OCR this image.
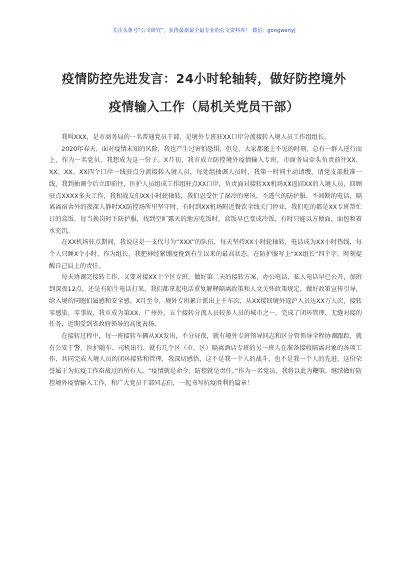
关注头条号“公文研究”，获得最新最全最专业的公文资料库！ 微信：gongwenyj
疫情防控先进发言：24小时轮轴转，做好防控境外
疫情输入工作（局机关党员干部）

我叫XXX，是市商务局的一名普通党员干部，是境外专班驻XX口岸分流接转入境人员工作组组长。

2020年春天，面对疫情未知的风险，我也产生过害怕恐惧，但是，大家都谨上不见的时刻，总有一群人逆行而上，作为一名党员，我想成为这一份子。X月初，我市成立防控境外疫情输入专班，市商务局牵头负责前往XX、XX、XX、XX四个口岸一线驻点分流接转入境人员，每处组抽调人员时，我第一时间主动请缨，请党支部批准一线，我到抽调令后立即前往，医护人员组成工作组驻点XX口岸，负责面对接转XX机场XX返回XX的入境人员，回顾驻点XXXX多天工作，我和战友们XX小时轮轴转，我们忍受住了湿冷的寒风、不透气的防护服、不间断的电话，隔离离宿舍外的夜深人静时XX防控场所里坚守时，有时到XX机场附近餐饮全线关门停业，我们吃的都是XX专班帮忙订的盒饭，每当换岗时下防护服，找到空旷露天的地方吃饭时，盒饭早已变成冷饭，有时只能以方便面、面包和着水充饥。

在XX机场驻点期间，我说这是一支代号为“XXX”的队伍，每天坚持XX小时轮轴转，电话成为XX小时热线，每个人只睡X个小时，作为组长，我把神经紧绷度挽到有生以来的最高状态，在防护服写上“XX组长”四个字，时刻提醒自己肩上的责任。

每天协调完接转工作，又要对接XX十个区专班，做好第二天的接转方案，办公电话、私人电话早已公开，加班到深夜12点，还是有陌生电话打来，我们都拿起电话重复解释隔离政策和人文关怀政策规定，做好政策宣传引导，给入境的同胞们属感和安全感。X月至今，境外专班累计派出上千车次，从XX接回境外返沪人员达XX万人次，接转零感染、零事故、我市成为第XX、广州外，五个接转分流人员较多人员的城市之一，完成了闭环管理、无缝对接的任务，近期受到省政府领导的高度表扬。

在接转过程中，每一班接转车辆从XX发出，不分昼夜，就有境外专班领导同志和区分管领导全程协调跟踪，就有公安干警、医护随车、司机出行，就有几个区（市、区）隔离酒店专班的另一班人在准备接收隔离对象的各项工作，共同完成入境人员的闭环接转和管理，我深切感悟，这不是我一个人的战斗，也不是我一个人的先进，这份荣誉属于为抗疫工作奋战过的所有人。“疫情就是命令，防控就是责任。”作为一名党员，我将以此为鞭策，继续做好防控境外疫情输入工作，和广大党员干部同志们，一起书写抗疫胜利的篇章！
